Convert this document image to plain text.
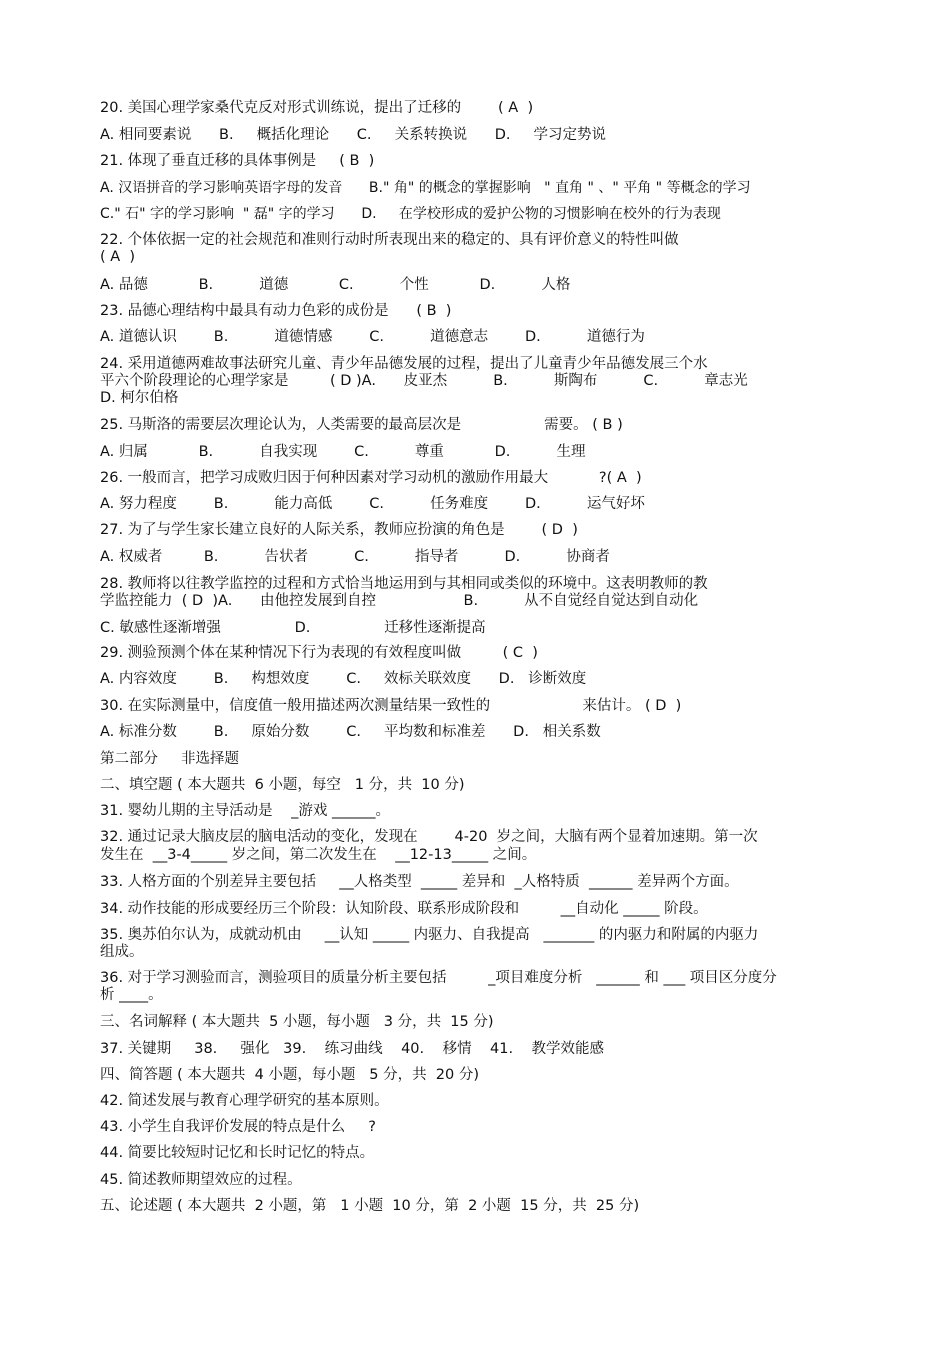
20. 美国心理学家桑代克反对形式训练说，提出了迁移的        ( A  )
A. 相同要素说      B.     概括化理论      C.     关系转换说      D.     学习定势说
21. 体现了垂直迁移的具体事例是     ( B  )
A. 汉语拼音的学习影响英语字母的发音      B." 角" 的概念的掌握影响   " 直角 " 、" 平角 " 等概念的学习
C." 石" 字的学习影响  " 磊" 字的学习      D.     在学校形成的爱护公物的习惯影响在校外的行为表现
22. 个体依据一定的社会规范和准则行动时所表现出来的稳定的、具有评价意义的特性叫做
( A  )
A. 品德           B.          道德           C.          个性           D.          人格
23. 品德心理结构中最具有动力色彩的成份是      ( B  )
A. 道德认识        B.          道德情感        C.          道德意志        D.          道德行为
24. 采用道德两难故事法研究儿童、青少年品德发展的过程，提出了儿童青少年品德发展三个水
平六个阶段理论的心理学家是         ( D )A.      皮亚杰          B.          斯陶布          C.          章志光
D. 柯尔伯格
25. 马斯洛的需要层次理论认为，人类需要的最高层次是                  需要。 ( B )
A. 归属           B.          自我实现        C.          尊重           D.          生理
26. 一般而言，把学习成败归因于何种因素对学习动机的激励作用最大           ?( A  )
A. 努力程度        B.          能力高低        C.          任务难度        D.          运气好坏
27. 为了与学生家长建立良好的人际关系，教师应扮演的角色是        ( D  )
A. 权威者         B.          告状者          C.          指导者          D.          协商者
28. 教师将以往教学监控的过程和方式恰当地运用到与其相同或类似的环境中。这表明教师的教
学监控能力  ( D  )A.      由他控发展到自控                   B.          从不自觉经自觉达到自动化
C. 敏感性逐渐增强                D.                迁移性逐渐提高
29. 测验预测个体在某种情况下行为表现的有效程度叫做         ( C  )
A. 内容效度        B.     构想效度        C.     效标关联效度      D.   诊断效度
30. 在实际测量中，信度值一般用描述两次测量结果一致性的                    来估计。 ( D  )
A. 标准分数        B.     原始分数        C.     平均数和标准差      D.   相关系数
第二部分     非选择题
二、填空题 ( 本大题共  6 小题，每空   1 分，共  10 分)
31. 婴幼儿期的主导活动是    _游戏 ______。
32. 通过记录大脑皮层的脑电活动的变化，发现在        4-20  岁之间，大脑有两个显着加速期。第一次
发生在  __3-4_____ 岁之间，第二次发生在    __12-13_____ 之间。
33. 人格方面的个别差异主要包括     __人格类型  _____ 差异和  _人格特质  ______ 差异两个方面。
34. 动作技能的形成要经历三个阶段：认知阶段、联系形成阶段和         __自动化 _____ 阶段。
35. 奥苏伯尔认为，成就动机由     __认知 _____ 内驱力、自我提高   _______ 的内驱力和附属的内驱力
组成。
36. 对于学习测验而言，测验项目的质量分析主要包括         _项目难度分析   ______ 和 ___ 项目区分度分
析 ____。
三、名词解释 ( 本大题共  5 小题，每小题   3 分，共  15 分)
37. 关键期     38.     强化   39.    练习曲线    40.    移情    41.    教学效能感
四、简答题 ( 本大题共  4 小题，每小题   5 分，共  20 分)
42. 简述发展与教育心理学研究的基本原则。
43. 小学生自我评价发展的特点是什么     ?
44. 简要比较短时记忆和长时记忆的特点。
45. 简述教师期望效应的过程。
五、论述题 ( 本大题共  2 小题，第   1 小题  10 分，第  2 小题  15 分，共  25 分)
